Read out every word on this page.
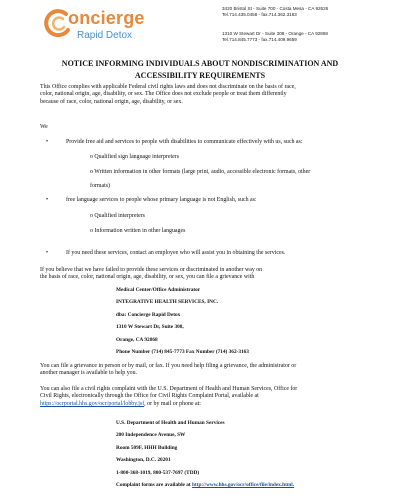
oncierge
Rapid Detox
3420 Bristol St - Suite 700 - Costa Mesa - CA 92626
Tel.714.435.0458 - fax.714.362.3163
1310 W Stewart Dr - Suite 308 - Orange - CA 92868
Tel.714.845.7773 - fax.714.409.9659
NOTICE INFORMING INDIVIDUALS ABOUT NONDISCRIMINATION AND
ACCESSIBILITY REQUIREMENTS
This Office complies with applicable Federal civil rights laws and does not discriminate on the basis of race,
color, national origin, age, disability, or sex. The Office does not exclude people or treat them differently
because of race, color, national origin, age, disability, or sex.
We
•	Provide free aid and services to people with disabilities to communicate effectively with us, such as:
o Qualified sign language interpreters
o Written information in other formats (large print, audio, accessible electronic formats, other
formats)
•	free language services to people whose primary language is not English, such as:
o Qualified interpreters
o Information written in other languages
•	If you need these services, contact an employee who will assist you in obtaining the services.
If you believe that we have failed to provide these services or discriminated in another way on
the basis of race, color, national origin, age, disability, or sex, you can file a grievance with
Medical Center/Office Administrator
INTEGRATIVE HEALTH SERVICES, INC.
dba: Concierge Rapid Detox
1310 W Stewart Dr, Suite 308,
Orange, CA 92868
Phone Number (714) 845-7773 Fax Number (714) 362-3163
You can file a grievance in person or by mail, or fax. If you need help filing a grievance, the administrator or
another manager is available to help you.
You can also file a civil rights complaint with the U.S. Department of Health and Human Services, Office for
Civil Rights, electronically through the Office for Civil Rights Complaint Portal, available at
https://ocrportal.hhs.gov/ocr/portal/lobby.jsf, or by mail or phone at:
U.S. Department of Health and Human Services
200 Independence Avenue, SW
Room 509F, HHH Building
Washington, D.C. 20201
1-800-368-1019, 800-537-7697 (TDD)
Complaint forms are available at http://www.hhs.gov/ocr/office/file/index.html.
